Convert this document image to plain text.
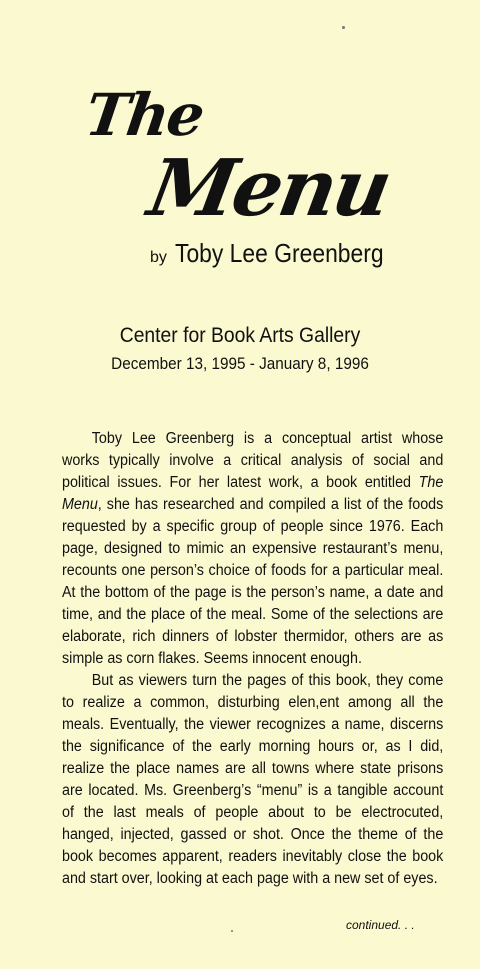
The
Menu
by Toby Lee Greenberg
Center for Book Arts Gallery
December 13, 1995 - January 8, 1996

Toby Lee Greenberg is a conceptual artist whose works typically involve a critical analysis of social and political issues. For her latest work, a book entitled The Menu, she has researched and compiled a list of the foods requested by a specific group of people since 1976. Each page, designed to mimic an expensive restaurant’s menu, recounts one person’s choice of foods for a particular meal. At the bottom of the page is the person’s name, a date and time, and the place of the meal. Some of the selections are elaborate, rich dinners of lobster thermidor, others are as simple as corn flakes. Seems innocent enough.

But as viewers turn the pages of this book, they come to realize a common, disturbing elen,ent among all the meals. Eventually, the viewer recognizes a name, discerns the significance of the early morning hours or, as I did, realize the place names are all towns where state prisons are located. Ms. Greenberg’s “menu” is a tangible account of the last meals of people about to be electrocuted, hanged, injected, gassed or shot. Once the theme of the book becomes apparent, readers inevitably close the book and start over, looking at each page with a new set of eyes.

continued. . .
